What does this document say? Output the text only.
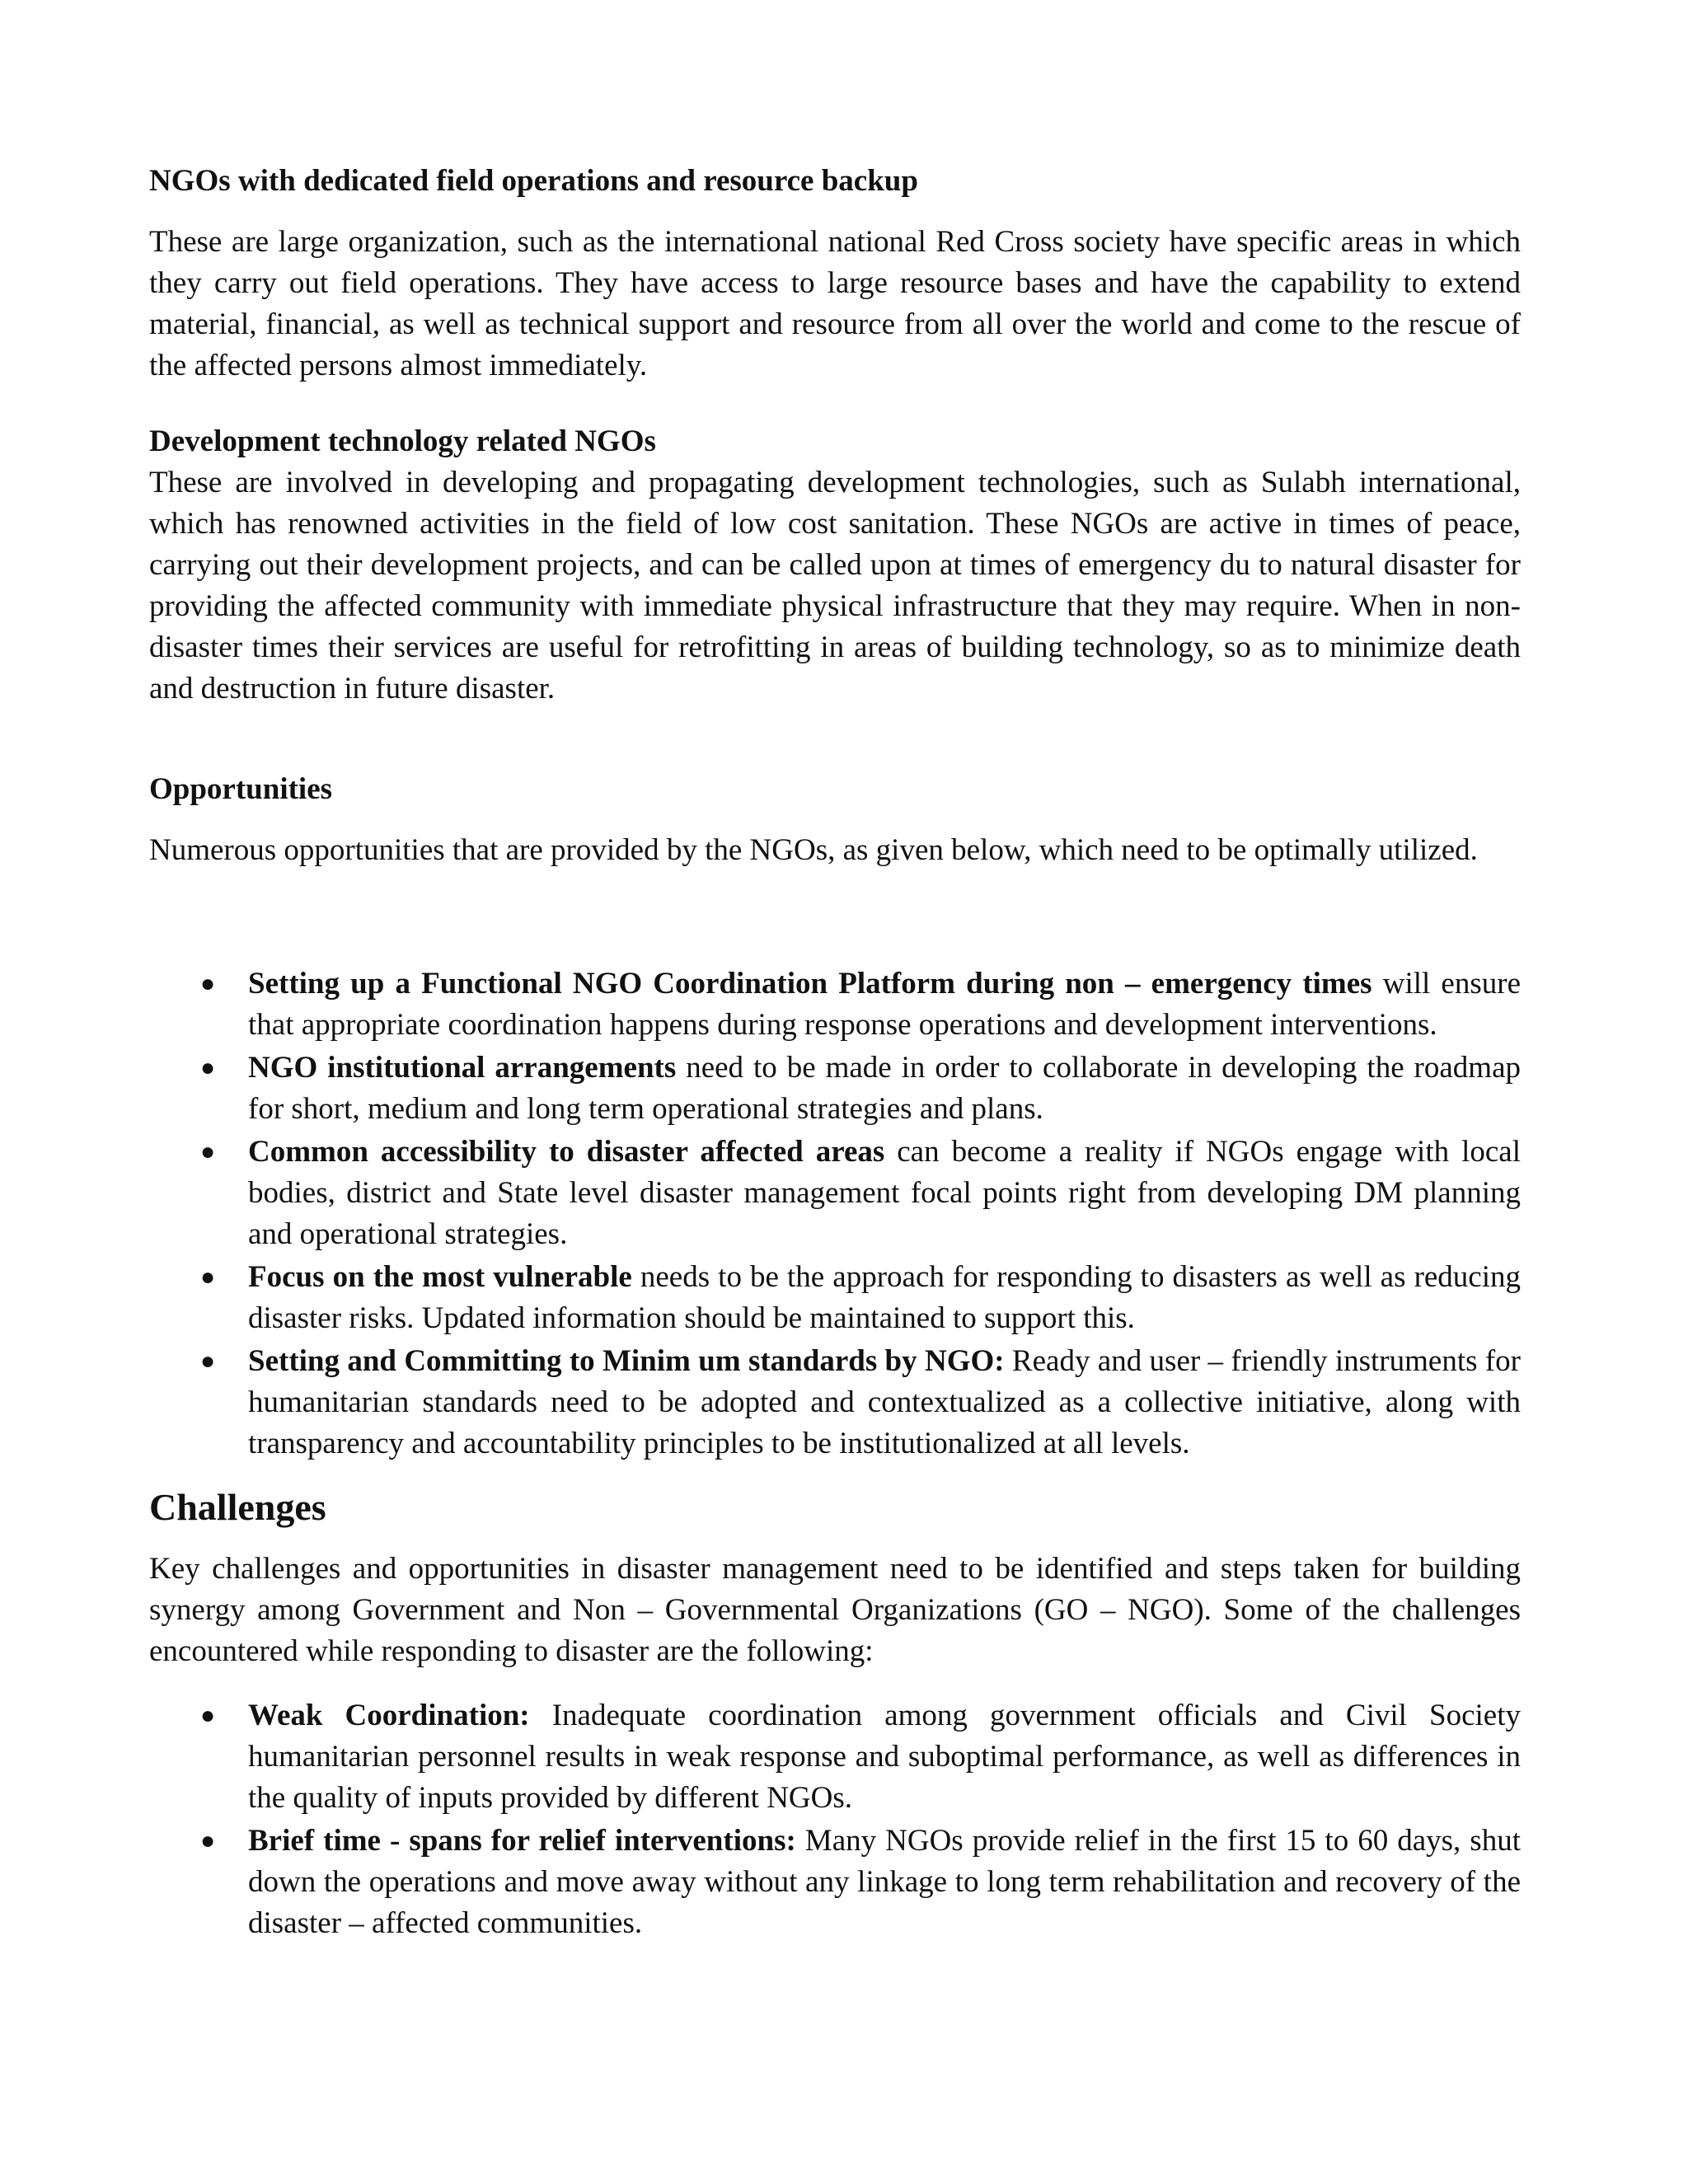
NGOs with dedicated field operations and resource backup

These are large organization, such as the international national Red Cross society have specific areas in which they carry out field operations. They have access to large resource bases and have the capability to extend material, financial, as well as technical support and resource from all over the world and come to the rescue of the affected persons almost immediately.

Development technology related NGOs

These are involved in developing and propagating development technologies, such as Sulabh international, which has renowned activities in the field of low cost sanitation. These NGOs are active in times of peace, carrying out their development projects, and can be called upon at times of emergency du to natural disaster for providing the affected community with immediate physical infrastructure that they may require. When in non-disaster times their services are useful for retrofitting in areas of building technology, so as to minimize death and destruction in future disaster.

Opportunities

Numerous opportunities that are provided by the NGOs, as given below, which need to be optimally utilized.

● Setting up a Functional NGO Coordination Platform during non – emergency times will ensure that appropriate coordination happens during response operations and development interventions.
● NGO institutional arrangements need to be made in order to collaborate in developing the roadmap for short, medium and long term operational strategies and plans.
● Common accessibility to disaster affected areas can become a reality if NGOs engage with local bodies, district and State level disaster management focal points right from developing DM planning and operational strategies.
● Focus on the most vulnerable needs to be the approach for responding to disasters as well as reducing disaster risks. Updated information should be maintained to support this.
● Setting and Committing to Minim um standards by NGO: Ready and user – friendly instruments for humanitarian standards need to be adopted and contextualized as a collective initiative, along with transparency and accountability principles to be institutionalized at all levels.

Challenges

Key challenges and opportunities in disaster management need to be identified and steps taken for building synergy among Government and Non – Governmental Organizations (GO – NGO). Some of the challenges encountered while responding to disaster are the following:

● Weak Coordination: Inadequate coordination among government officials and Civil Society humanitarian personnel results in weak response and suboptimal performance, as well as differences in the quality of inputs provided by different NGOs.
● Brief time - spans for relief interventions: Many NGOs provide relief in the first 15 to 60 days, shut down the operations and move away without any linkage to long term rehabilitation and recovery of the disaster – affected communities.
